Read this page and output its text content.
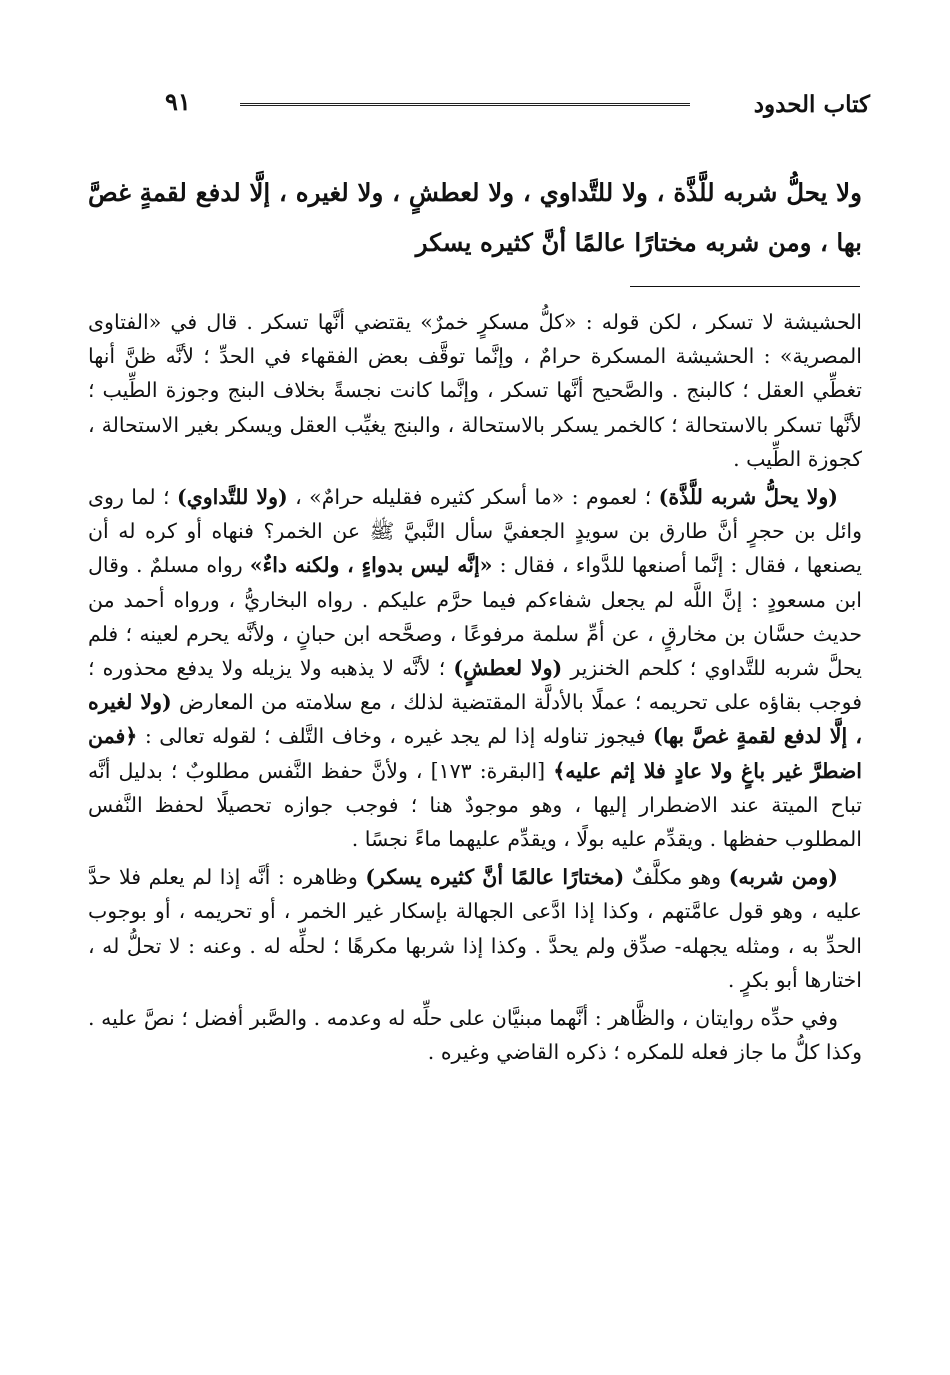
كتاب الحدود
٩١
ولا يحلُّ شربه للَّذَّة ، ولا للتَّداوي ، ولا لعطشٍ ، ولا لغيره ، إلَّا لدفع لقمةٍ غصَّ بها ، ومن شربه مختارًا عالمًا أنَّ كثيره يسكر

الحشيشة لا تسكر ، لكن قوله : «كلُّ مسكرٍ خمرٌ» يقتضي أنَّها تسكر . قال في «الفتاوى المصرية» : الحشيشة المسكرة حرامٌ ، وإنَّما توقَّف بعض الفقهاء في الحدِّ ؛ لأنَّه ظنَّ أنها تغطِّي العقل ؛ كالبنج . والصَّحيح أنَّها تسكر ، وإنَّما كانت نجسةً بخلاف البنج وجوزة الطِّيب ؛ لأنَّها تسكر بالاستحالة ؛ كالخمر يسكر بالاستحالة ، والبنج يغيِّب العقل ويسكر بغير الاستحالة ، كجوزة الطِّيب .

(ولا يحلُّ شربه للَّذَّة) ؛ لعموم : «ما أسكر كثيره فقليله حرامٌ» ، (ولا للتَّداوي) ؛ لما روى وائل بن حجرٍ أنَّ طارق بن سويدٍ الجعفيَّ سأل النَّبيَّ ﷺ عن الخمر؟ فنهاه أو كره له أن يصنعها ، فقال : إنَّما أصنعها للدَّواء ، فقال : «إنَّه ليس بدواءٍ ، ولكنه داءٌ» رواه مسلمٌ . وقال ابن مسعودٍ : إنَّ اللَّه لم يجعل شفاءكم فيما حرَّم عليكم . رواه البخاريُّ ، ورواه أحمد من حديث حسَّان بن مخارقٍ ، عن أمِّ سلمة مرفوعًا ، وصحَّحه ابن حبانٍ ، ولأنَّه يحرم لعينه ؛ فلم يحلَّ شربه للتَّداوي ؛ كلحم الخنزير (ولا لعطشٍ) ؛ لأنَّه لا يذهبه ولا يزيله ولا يدفع محذوره ؛ فوجب بقاؤه على تحريمه ؛ عملًا بالأدلَّة المقتضية لذلك ، مع سلامته من المعارض (ولا لغيره ، إلَّا لدفع لقمةٍ غصَّ بها) فيجوز تناوله إذا لم يجد غيره ، وخاف التَّلف ؛ لقوله تعالى : ﴿فمن اضطرَّ غير باغٍ ولا عادٍ فلا إثم عليه﴾ [البقرة: ١٧٣] ، ولأنَّ حفظ النَّفس مطلوبٌ ؛ بدليل أنَّه تباح الميتة عند الاضطرار إليها ، وهو موجودٌ هنا ؛ فوجب جوازه تحصيلًا لحفظ النَّفس المطلوب حفظها . ويقدِّم عليه بولًا ، ويقدِّم عليهما ماءً نجسًا .

(ومن شربه) وهو مكلَّفٌ (مختارًا عالمًا أنَّ كثيره يسكر) وظاهره : أنَّه إذا لم يعلم فلا حدَّ عليه ، وهو قول عامَّتهم ، وكذا إذا ادَّعى الجهالة بإسكار غير الخمر ، أو تحريمه ، أو بوجوب الحدِّ به ، ومثله يجهله- صدِّق ولم يحدَّ . وكذا إذا شربها مكرهًا ؛ لحلِّه له . وعنه : لا تحلُّ له ، اختارها أبو بكرٍ .

وفي حدِّه روايتان ، والظَّاهر : أنَّهما مبنيَّان على حلِّه له وعدمه . والصَّبر أفضل ؛ نصَّ عليه . وكذا كلُّ ما جاز فعله للمكره ؛ ذكره القاضي وغيره .
